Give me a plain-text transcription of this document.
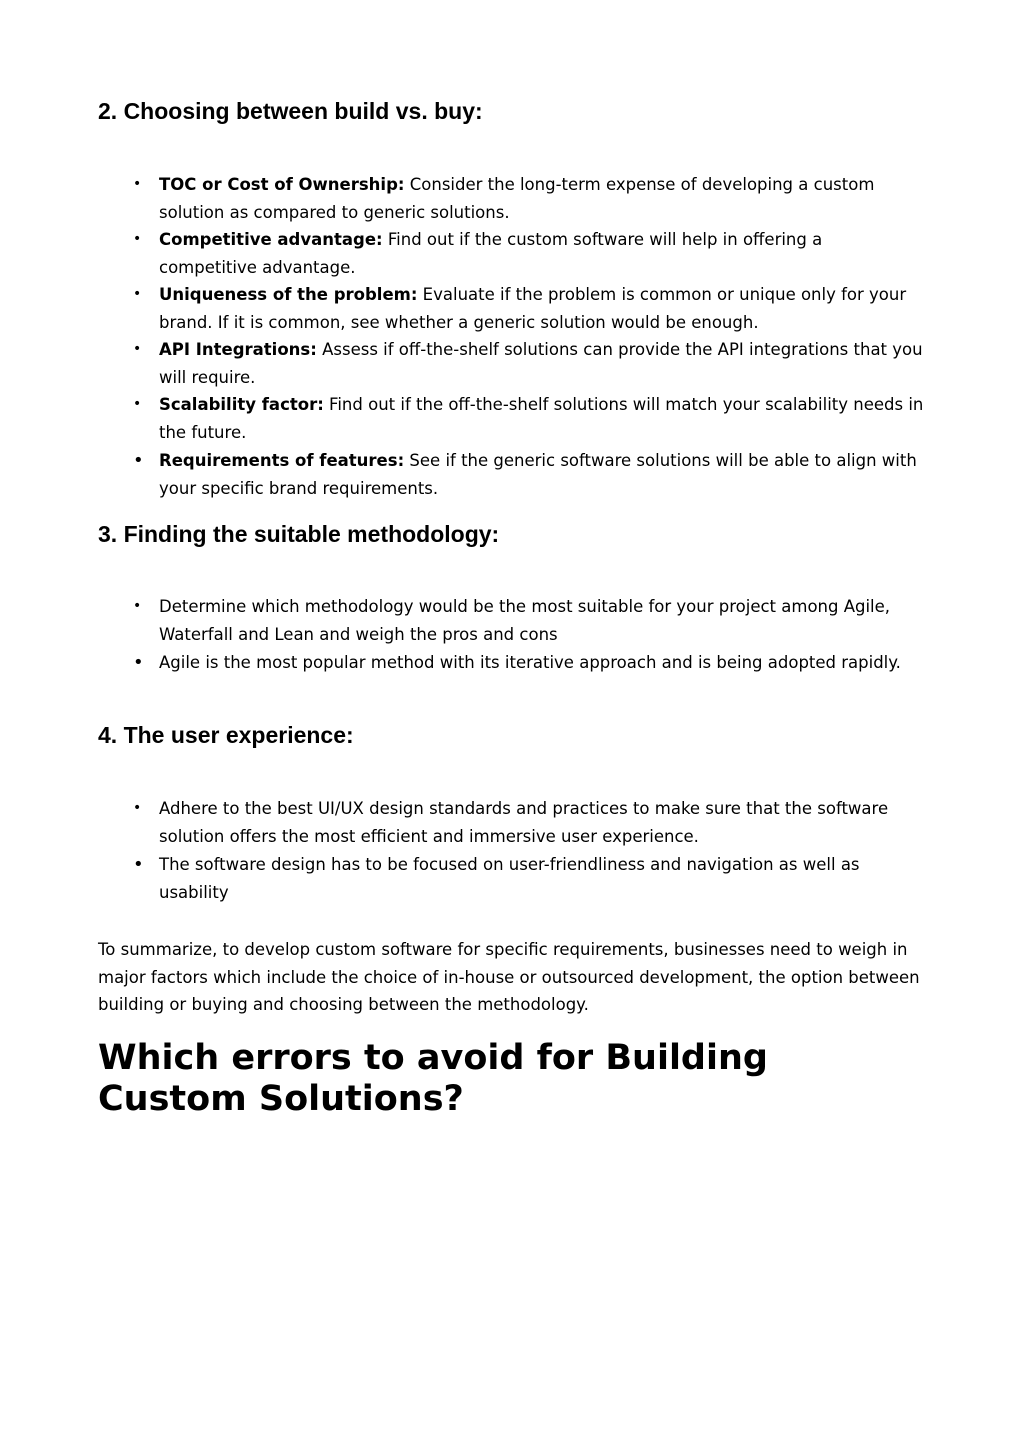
2. Choosing between build vs. buy:
• TOC or Cost of Ownership: Consider the long-term expense of developing a custom solution as compared to generic solutions.
• Competitive advantage: Find out if the custom software will help in offering a competitive advantage.
• Uniqueness of the problem: Evaluate if the problem is common or unique only for your brand. If it is common, see whether a generic solution would be enough.
• API Integrations: Assess if off-the-shelf solutions can provide the API integrations that you will require.
• Scalability factor: Find out if the off-the-shelf solutions will match your scalability needs in the future.
• Requirements of features: See if the generic software solutions will be able to align with your specific brand requirements.
3. Finding the suitable methodology:
• Determine which methodology would be the most suitable for your project among Agile, Waterfall and Lean and weigh the pros and cons
• Agile is the most popular method with its iterative approach and is being adopted rapidly.
4. The user experience:
• Adhere to the best UI/UX design standards and practices to make sure that the software solution offers the most efficient and immersive user experience.
• The software design has to be focused on user-friendliness and navigation as well as usability

To summarize, to develop custom software for specific requirements, businesses need to weigh in major factors which include the choice of in-house or outsourced development, the option between building or buying and choosing between the methodology.

Which errors to avoid for Building Custom Solutions?
